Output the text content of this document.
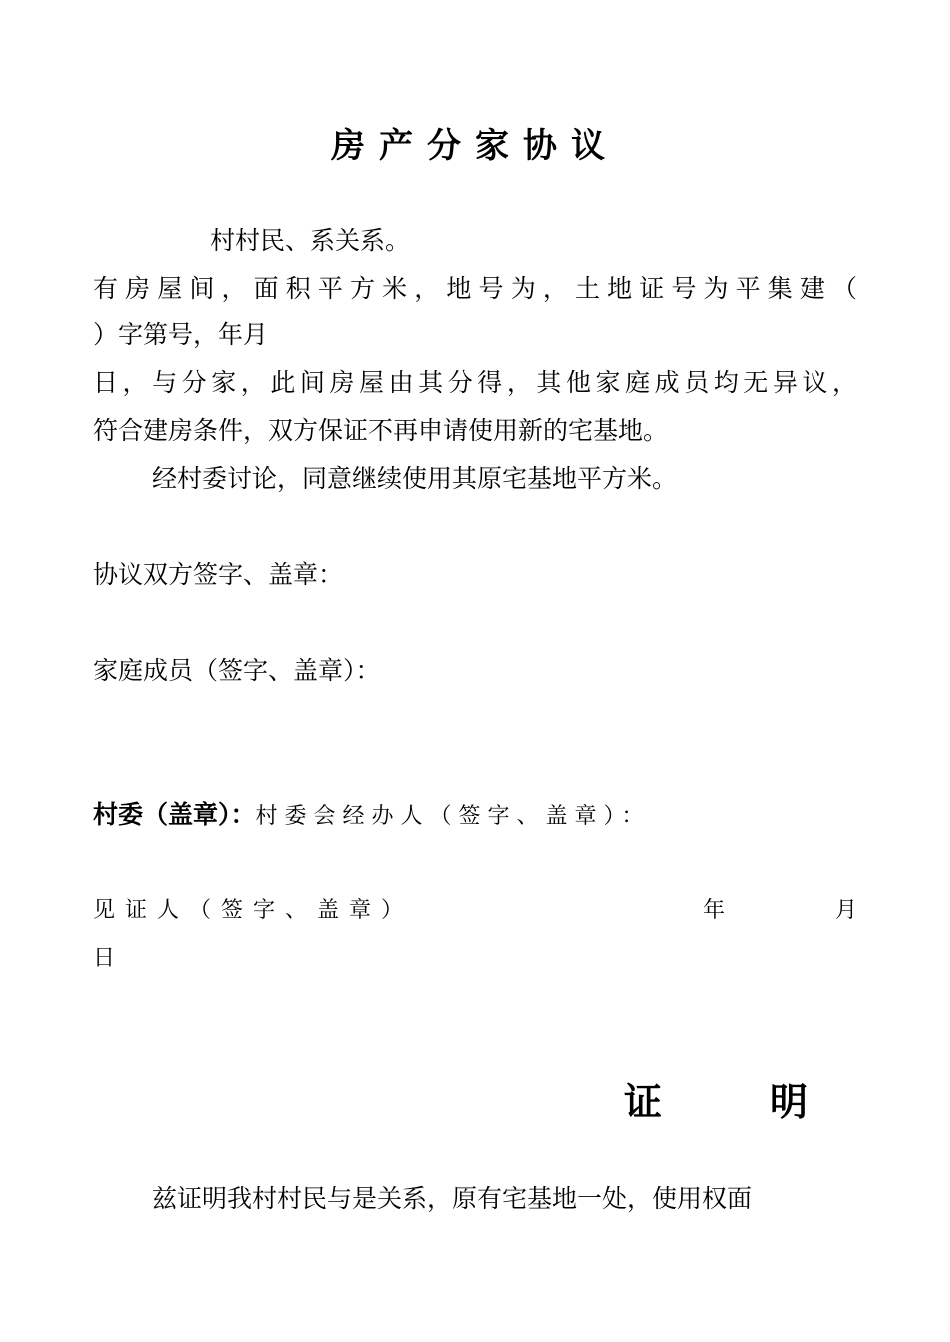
房产分家协议
村村民、系关系。
有房屋间，面积平方米，地号为，土地证号为平集建（
）字第号，年月
日，与分家，此间房屋由其分得，其他家庭成员均无异议，
符合建房条件，双方保证不再申请使用新的宅基地。
经村委讨论，同意继续使用其原宅基地平方米。
协议双方签字、盖章：
家庭成员（签字、盖章）：
村委（盖章）：村委会经办人（签字、盖章）：
见证人（签字、盖章）	年	月
日
证	明
兹证明我村村民与是关系，原有宅基地一处，使用权面
